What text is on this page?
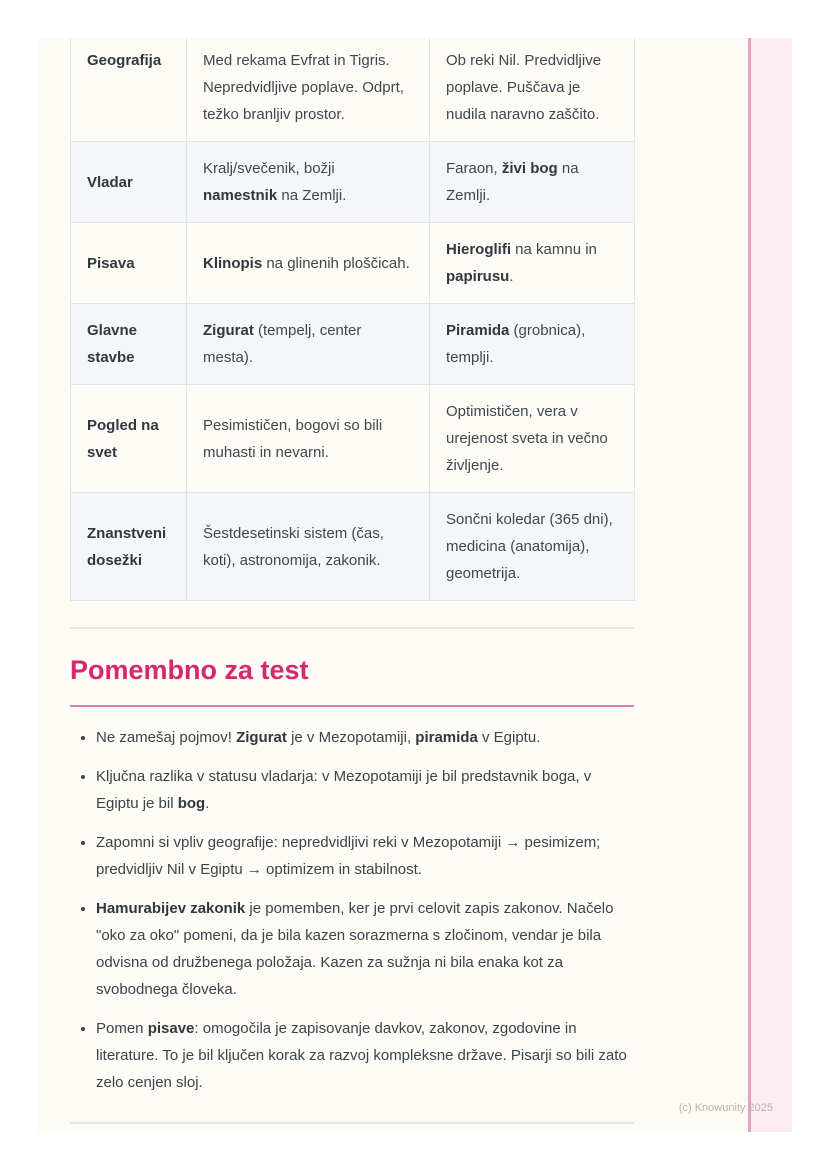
Geografija	Med rekama Evfrat in Tigris. Nepredvidljive poplave. Odprt, težko branljiv prostor.	Ob reki Nil. Predvidljive poplave. Puščava je nudila naravno zaščito.
Vladar	Kralj/svečenik, božji namestnik na Zemlji.	Faraon, živi bog na Zemlji.
Pisava	Klinopis na glinenih ploščicah.	Hieroglifi na kamnu in papirusu.
Glavne stavbe	Zigurat (tempelj, center mesta).	Piramida (grobnica), templji.
Pogled na svet	Pesimističen, bogovi so bili muhasti in nevarni.	Optimističen, vera v urejenost sveta in večno življenje.
Znanstveni dosežki	Šestdesetinski sistem (čas, koti), astronomija, zakonik.	Sončni koledar (365 dni), medicina (anatomija), geometrija.
Pomembno za test
• Ne zamešaj pojmov! Zigurat je v Mezopotamiji, piramida v Egiptu.
• Ključna razlika v statusu vladarja: v Mezopotamiji je bil predstavnik boga, v Egiptu je bil bog.
• Zapomni si vpliv geografije: nepredvidljivi reki v Mezopotamiji → pesimizem; predvidljiv Nil v Egiptu → optimizem in stabilnost.
• Hamurabijev zakonik je pomemben, ker je prvi celovit zapis zakonov. Načelo "oko za oko" pomeni, da je bila kazen sorazmerna s zločinom, vendar je bila odvisna od družbenega položaja. Kazen za sužnja ni bila enaka kot za svobodnega človeka.
• Pomen pisave: omogočila je zapisovanje davkov, zakonov, zgodovine in literature. To je bil ključen korak za razvoj kompleksne države. Pisarji so bili zato zelo cenjen sloj.
(c) Knowunity 2025
